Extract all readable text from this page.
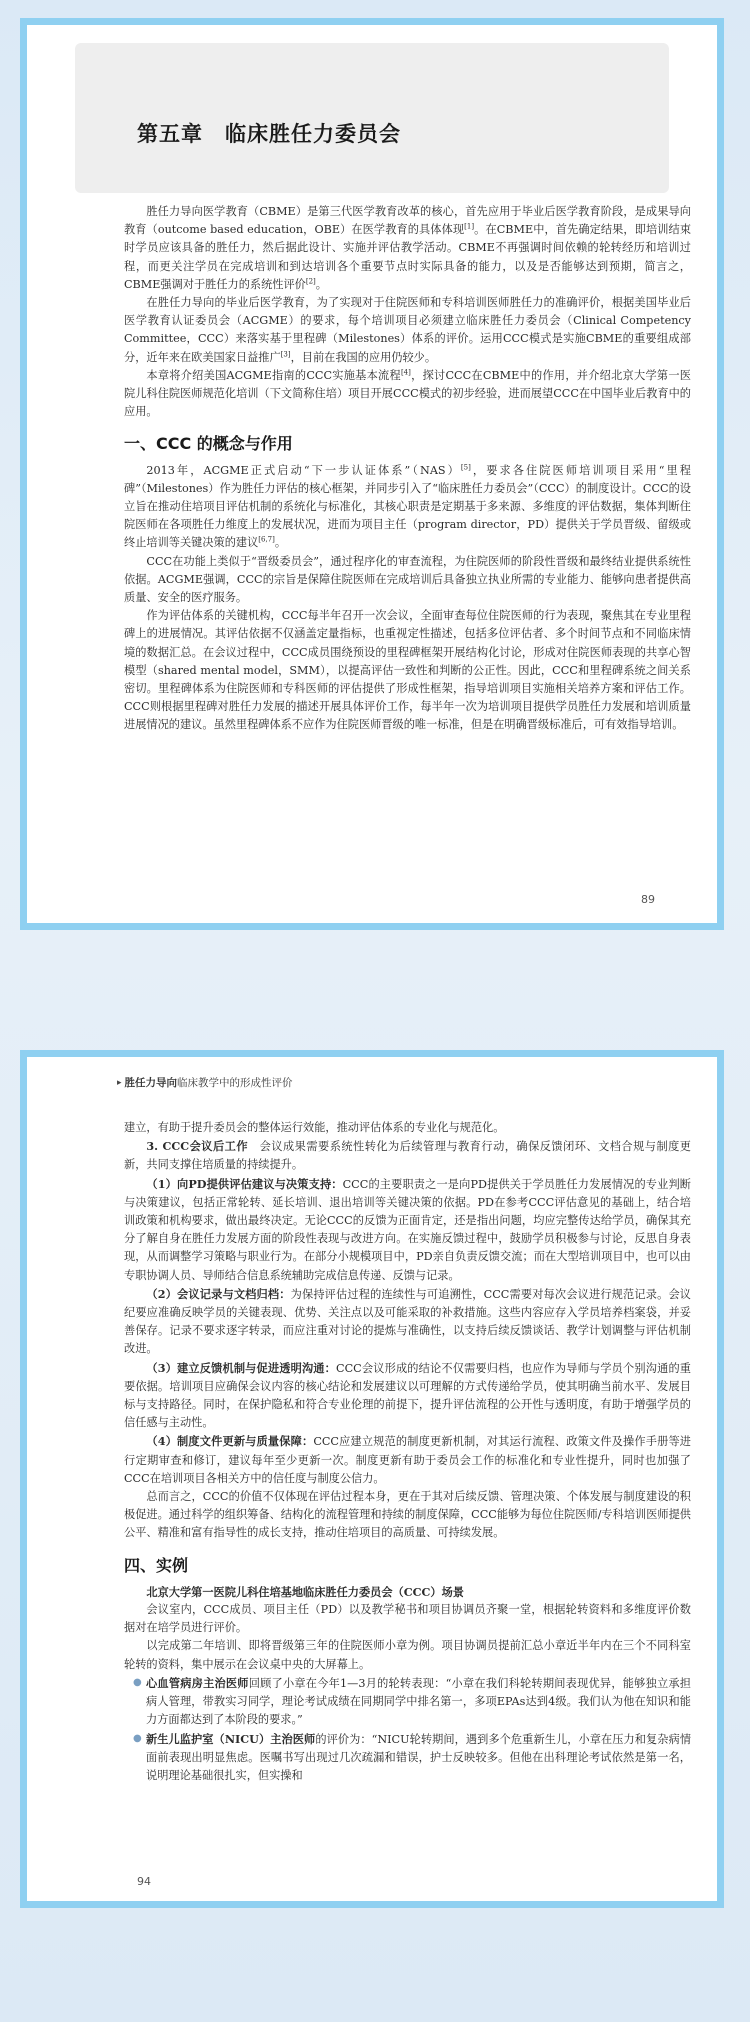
第五章　临床胜任力委员会

胜任力导向医学教育（CBME）是第三代医学教育改革的核心，首先应用于毕业后医学教育阶段，是成果导向教育（outcome based education，OBE）在医学教育的具体体现[1]。在CBME中，首先确定结果，即培训结束时学员应该具备的胜任力，然后据此设计、实施并评估教学活动。CBME不再强调时间依赖的轮转经历和培训过程，而更关注学员在完成培训和到达培训各个重要节点时实际具备的能力，以及是否能够达到预期，简言之，CBME强调对于胜任力的系统性评价[2]。

在胜任力导向的毕业后医学教育，为了实现对于住院医师和专科培训医师胜任力的准确评价，根据美国毕业后医学教育认证委员会（ACGME）的要求，每个培训项目必须建立临床胜任力委员会（Clinical Competency Committee，CCC）来落实基于里程碑（Milestones）体系的评价。运用CCC模式是实施CBME的重要组成部分，近年来在欧美国家日益推广[3]，目前在我国的应用仍较少。

本章将介绍美国ACGME指南的CCC实施基本流程[4]，探讨CCC在CBME中的作用，并介绍北京大学第一医院儿科住院医师规范化培训（下文简称住培）项目开展CCC模式的初步经验，进而展望CCC在中国毕业后教育中的应用。

一、CCC 的概念与作用

2013年，ACGME正式启动“下一步认证体系”（NAS）[5]，要求各住院医师培训项目采用“里程碑”（Milestones）作为胜任力评估的核心框架，并同步引入了“临床胜任力委员会”（CCC）的制度设计。CCC的设立旨在推动住培项目评估机制的系统化与标准化，其核心职责是定期基于多来源、多维度的评估数据，集体判断住院医师在各项胜任力维度上的发展状况，进而为项目主任（program director，PD）提供关于学员晋级、留级或终止培训等关键决策的建议[6,7]。

CCC在功能上类似于“晋级委员会”，通过程序化的审查流程，为住院医师的阶段性晋级和最终结业提供系统性依据。ACGME强调，CCC的宗旨是保障住院医师在完成培训后具备独立执业所需的专业能力、能够向患者提供高质量、安全的医疗服务。

作为评估体系的关键机构，CCC每半年召开一次会议，全面审查每位住院医师的行为表现，聚焦其在专业里程碑上的进展情况。其评估依据不仅涵盖定量指标，也重视定性描述，包括多位评估者、多个时间节点和不同临床情境的数据汇总。在会议过程中，CCC成员围绕预设的里程碑框架开展结构化讨论，形成对住院医师表现的共享心智模型（shared mental model，SMM），以提高评估一致性和判断的公正性。因此，CCC和里程碑系统之间关系密切。里程碑体系为住院医师和专科医师的评估提供了形成性框架，指导培训项目实施相关培养方案和评估工作。CCC则根据里程碑对胜任力发展的描述开展具体评价工作，每半年一次为培训项目提供学员胜任力发展和培训质量进展情况的建议。虽然里程碑体系不应作为住院医师晋级的唯一标准，但是在明确晋级标准后，可有效指导培训。

89
▸ 胜任力导向 临床教学中的形成性评价

建立，有助于提升委员会的整体运行效能，推动评估体系的专业化与规范化。

3. CCC会议后工作　 会议成果需要系统性转化为后续管理与教育行动，确保反馈闭环、文档合规与制度更新，共同支撑住培质量的持续提升。

（1）向PD提供评估建议与决策支持：CCC的主要职责之一是向PD提供关于学员胜任力发展情况的专业判断与决策建议，包括正常轮转、延长培训、退出培训等关键决策的依据。PD在参考CCC评估意见的基础上，结合培训政策和机构要求，做出最终决定。无论CCC的反馈为正面肯定，还是指出问题，均应完整传达给学员，确保其充分了解自身在胜任力发展方面的阶段性表现与改进方向。在实施反馈过程中，鼓励学员积极参与讨论，反思自身表现，从而调整学习策略与职业行为。在部分小规模项目中，PD亲自负责反馈交流；而在大型培训项目中，也可以由专职协调人员、导师结合信息系统辅助完成信息传递、反馈与记录。

（2）会议记录与文档归档：为保持评估过程的连续性与可追溯性，CCC需要对每次会议进行规范记录。会议纪要应准确反映学员的关键表现、优势、关注点以及可能采取的补救措施。这些内容应存入学员培养档案袋，并妥善保存。记录不要求逐字转录，而应注重对讨论的提炼与准确性，以支持后续反馈谈话、教学计划调整与评估机制改进。

（3）建立反馈机制与促进透明沟通：CCC会议形成的结论不仅需要归档，也应作为导师与学员个别沟通的重要依据。培训项目应确保会议内容的核心结论和发展建议以可理解的方式传递给学员，使其明确当前水平、发展目标与支持路径。同时，在保护隐私和符合专业伦理的前提下，提升评估流程的公开性与透明度，有助于增强学员的信任感与主动性。

（4）制度文件更新与质量保障：CCC应建立规范的制度更新机制，对其运行流程、政策文件及操作手册等进行定期审查和修订，建议每年至少更新一次。制度更新有助于委员会工作的标准化和专业性提升，同时也加强了CCC在培训项目各相关方中的信任度与制度公信力。

总而言之，CCC的价值不仅体现在评估过程本身，更在于其对后续反馈、管理决策、个体发展与制度建设的积极促进。通过科学的组织筹备、结构化的流程管理和持续的制度保障，CCC能够为每位住院医师/专科培训医师提供公平、精准和富有指导性的成长支持，推动住培项目的高质量、可持续发展。

四、实例

北京大学第一医院儿科住培基地临床胜任力委员会（CCC）场景

会议室内，CCC成员、项目主任（PD）以及教学秘书和项目协调员齐聚一堂，根据轮转资料和多维度评价数据对在培学员进行评价。

以完成第二年培训、即将晋级第三年的住院医师小章为例。项目协调员提前汇总小章近半年内在三个不同科室轮转的资料，集中展示在会议桌中央的大屏幕上。

● 心血管病房主治医师回顾了小章在今年1—3月的轮转表现：“小章在我们科轮转期间表现优异，能够独立承担病人管理，带教实习同学，理论考试成绩在同期同学中排名第一，多项EPAs达到4级。我们认为他在知识和能力方面都达到了本阶段的要求。”
● 新生儿监护室（NICU）主治医师的评价为：“NICU轮转期间，遇到多个危重新生儿，小章在压力和复杂病情面前表现出明显焦虑。医嘱书写出现过几次疏漏和错误，护士反映较多。但他在出科理论考试依然是第一名，说明理论基础很扎实，但实操和
94
